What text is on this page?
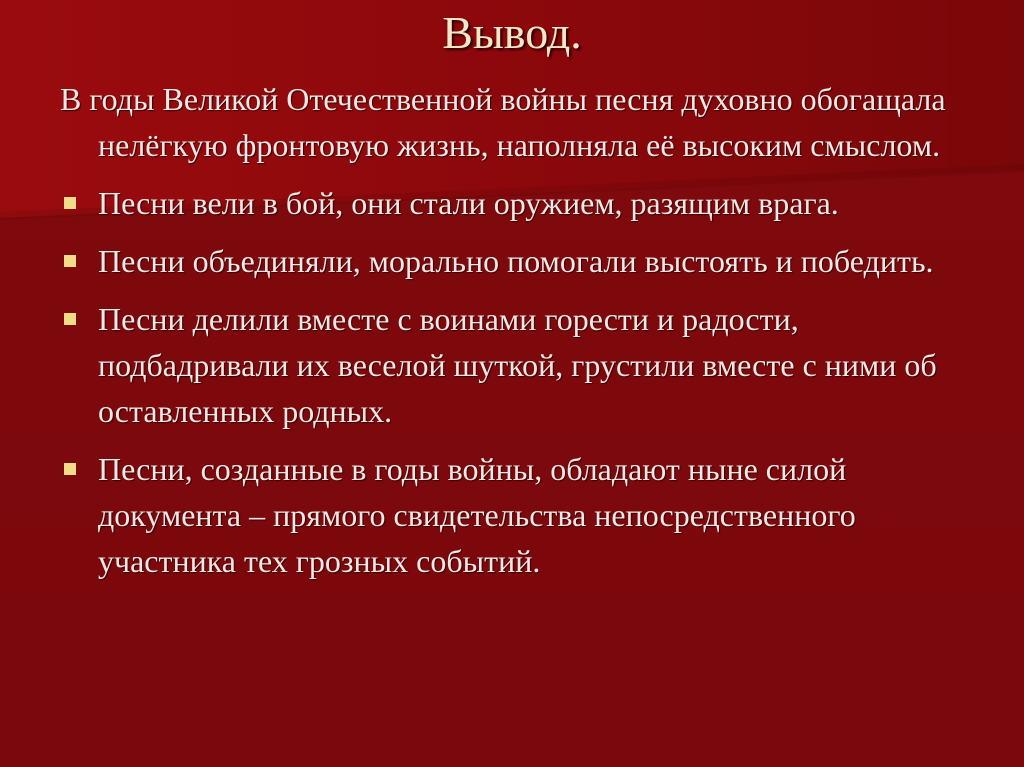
Вывод.

В годы Великой Отечественной войны песня духовно обогащала нелёгкую фронтовую жизнь, наполняла её высоким смыслом.

Песни вели в бой, они стали оружием, разящим врага.
Песни объединяли, морально помогали выстоять и победить.
Песни делили вместе с воинами горести и радости, подбадривали их веселой шуткой, грустили вместе с ними об оставленных родных.
Песни, созданные в годы войны, обладают ныне силой документа – прямого свидетельства непосредственного участника тех грозных событий.
